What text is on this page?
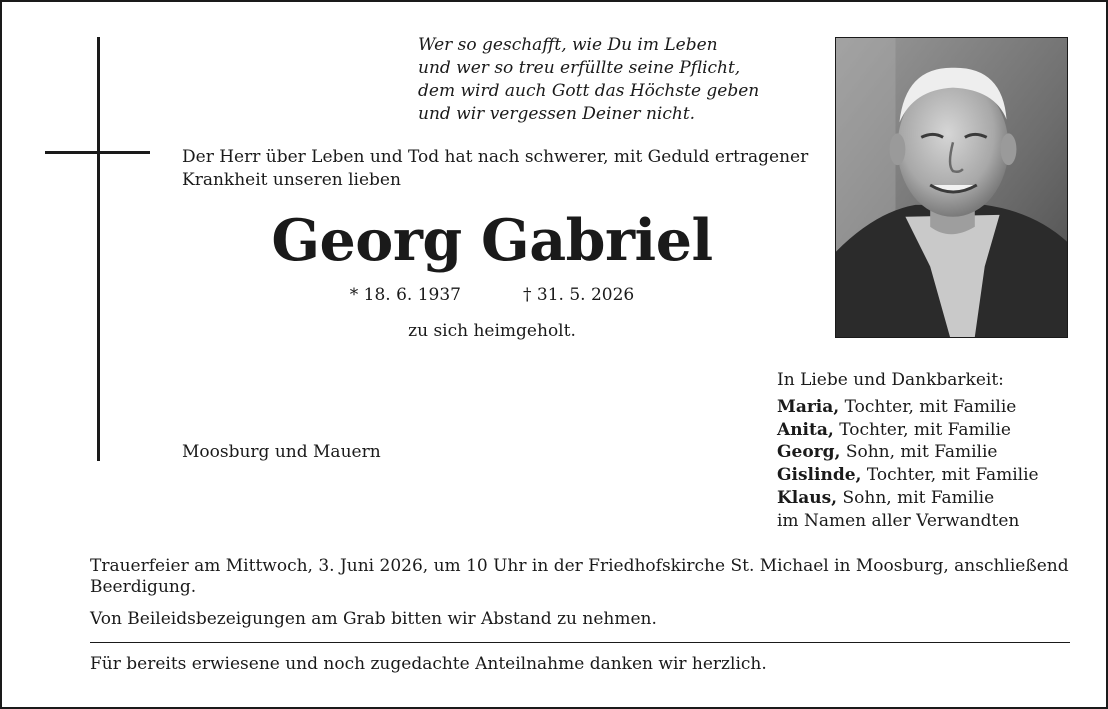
Wer so geschafft, wie Du im Leben
und wer so treu erfüllte seine Pflicht,
dem wird auch Gott das Höchste geben
und wir vergessen Deiner nicht.
Der Herr über Leben und Tod hat nach schwerer, mit Geduld ertragener Krankheit unseren lieben
Georg Gabriel
* 18. 6. 1937	† 31. 5. 2026
zu sich heimgeholt.
Moosburg und Mauern
In Liebe und Dankbarkeit:
Maria, Tochter, mit Familie
Anita, Tochter, mit Familie
Georg, Sohn, mit Familie
Gislinde, Tochter, mit Familie
Klaus, Sohn, mit Familie
im Namen aller Verwandten
Trauerfeier am Mittwoch, 3. Juni 2026, um 10 Uhr in der Friedhofskirche St. Michael in Moosburg, anschließend Beerdigung.
Von Beileidsbezeigungen am Grab bitten wir Abstand zu nehmen.
Für bereits erwiesene und noch zugedachte Anteilnahme danken wir herzlich.
